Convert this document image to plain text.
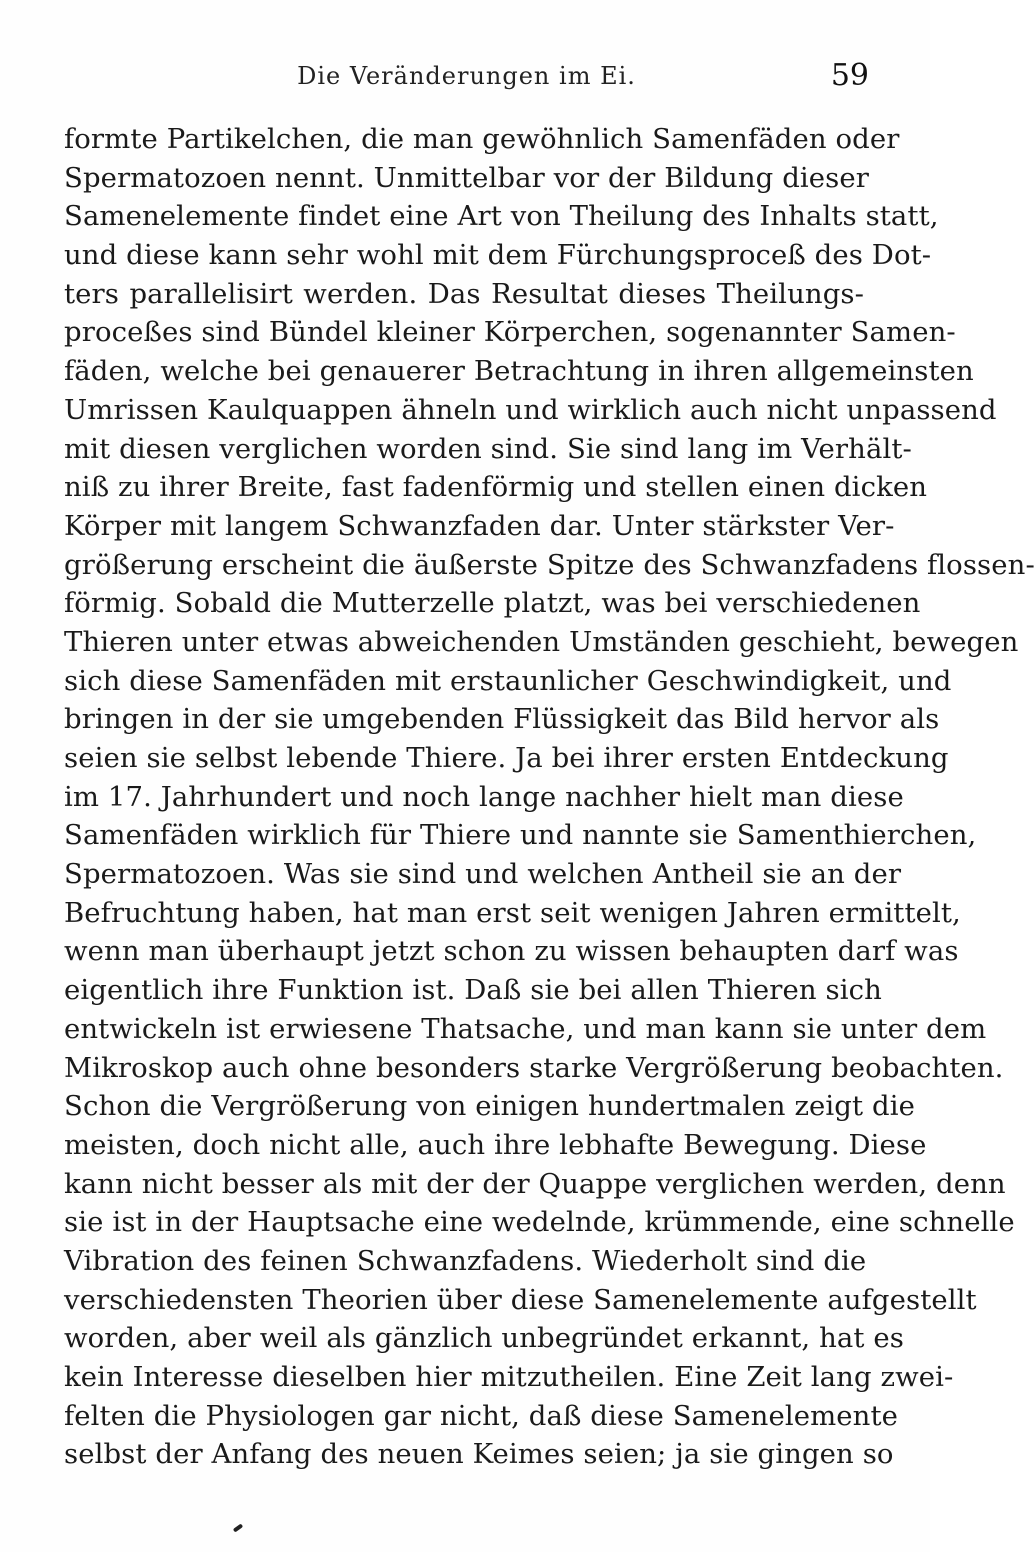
Die Veränderungen im Ei.	59
formte Partikelchen, die man gewöhnlich Samenfäden oder
Spermatozoen nennt. Unmittelbar vor der Bildung dieser
Samenelemente findet eine Art von Theilung des Inhalts statt,
und diese kann sehr wohl mit dem Fürchungsproceß des Dot-
ters parallelisirt werden. Das Resultat dieses Theilungs-
proceßes sind Bündel kleiner Körperchen, sogenannter Samen-
fäden, welche bei genauerer Betrachtung in ihren allgemeinsten
Umrissen Kaulquappen ähneln und wirklich auch nicht unpassend
mit diesen verglichen worden sind. Sie sind lang im Verhält-
niß zu ihrer Breite, fast fadenförmig und stellen einen dicken
Körper mit langem Schwanzfaden dar. Unter stärkster Ver-
größerung erscheint die äußerste Spitze des Schwanzfadens flossen-
förmig. Sobald die Mutterzelle platzt, was bei verschiedenen
Thieren unter etwas abweichenden Umständen geschieht, bewegen
sich diese Samenfäden mit erstaunlicher Geschwindigkeit, und
bringen in der sie umgebenden Flüssigkeit das Bild hervor als
seien sie selbst lebende Thiere. Ja bei ihrer ersten Entdeckung
im 17. Jahrhundert und noch lange nachher hielt man diese
Samenfäden wirklich für Thiere und nannte sie Samenthierchen,
Spermatozoen. Was sie sind und welchen Antheil sie an der
Befruchtung haben, hat man erst seit wenigen Jahren ermittelt,
wenn man überhaupt jetzt schon zu wissen behaupten darf was
eigentlich ihre Funktion ist. Daß sie bei allen Thieren sich
entwickeln ist erwiesene Thatsache, und man kann sie unter dem
Mikroskop auch ohne besonders starke Vergrößerung beobachten.
Schon die Vergrößerung von einigen hundertmalen zeigt die
meisten, doch nicht alle, auch ihre lebhafte Bewegung. Diese
kann nicht besser als mit der der Quappe verglichen werden, denn
sie ist in der Hauptsache eine wedelnde, krümmende, eine schnelle
Vibration des feinen Schwanzfadens. Wiederholt sind die
verschiedensten Theorien über diese Samenelemente aufgestellt
worden, aber weil als gänzlich unbegründet erkannt, hat es
kein Interesse dieselben hier mitzutheilen. Eine Zeit lang zwei-
felten die Physiologen gar nicht, daß diese Samenelemente
selbst der Anfang des neuen Keimes seien; ja sie gingen so
